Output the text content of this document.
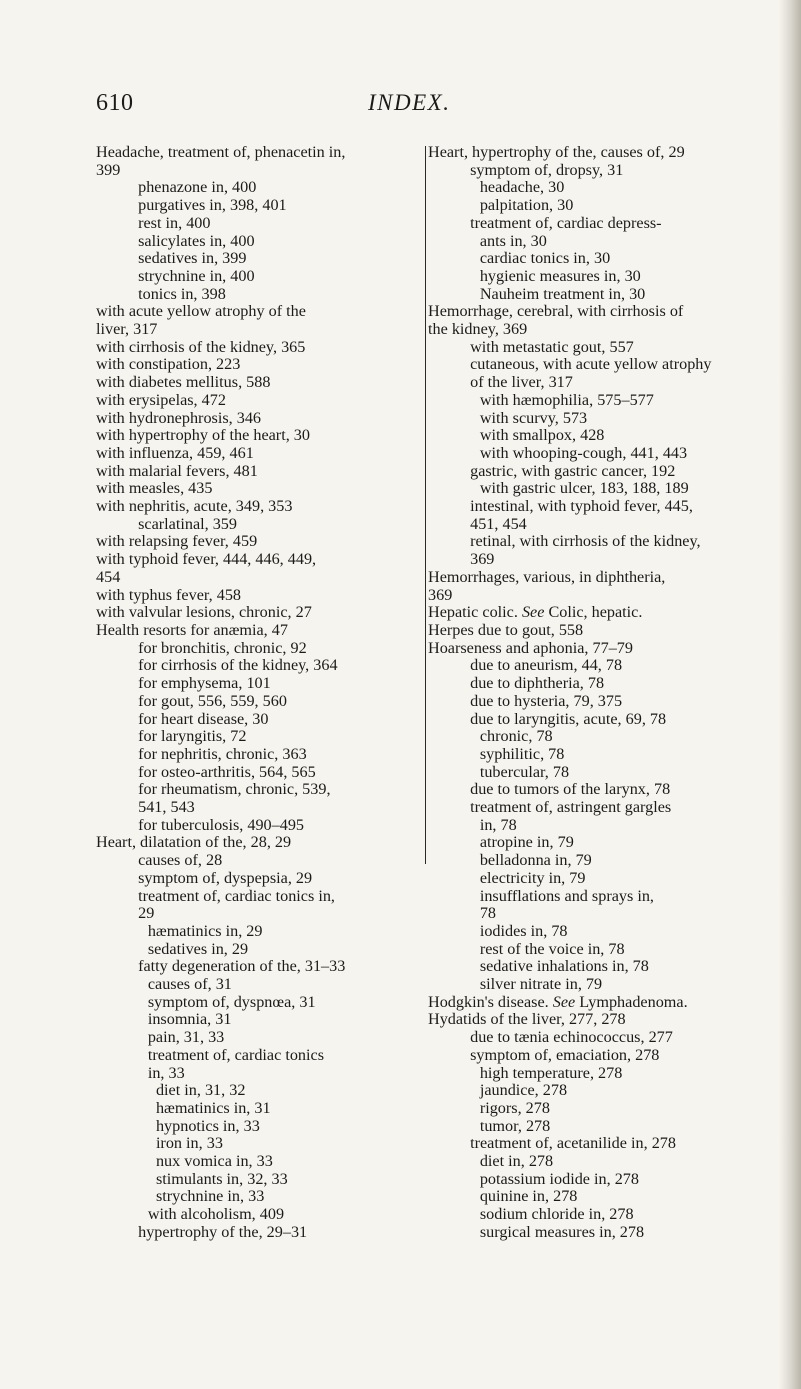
610	INDEX.
Headache, treatment of, phenacetin in,
399
phenazone in, 400
purgatives in, 398, 401
rest in, 400
salicylates in, 400
sedatives in, 399
strychnine in, 400
tonics in, 398
with acute yellow atrophy of the
liver, 317
with cirrhosis of the kidney, 365
with constipation, 223
with diabetes mellitus, 588
with erysipelas, 472
with hydronephrosis, 346
with hypertrophy of the heart, 30
with influenza, 459, 461
with malarial fevers, 481
with measles, 435
with nephritis, acute, 349, 353
scarlatinal, 359
with relapsing fever, 459
with typhoid fever, 444, 446, 449,
454
with typhus fever, 458
with valvular lesions, chronic, 27
Health resorts for anæmia, 47
for bronchitis, chronic, 92
for cirrhosis of the kidney, 364
for emphysema, 101
for gout, 556, 559, 560
for heart disease, 30
for laryngitis, 72
for nephritis, chronic, 363
for osteo-arthritis, 564, 565
for rheumatism, chronic, 539,
541, 543
for tuberculosis, 490–495
Heart, dilatation of the, 28, 29
causes of, 28
symptom of, dyspepsia, 29
treatment of, cardiac tonics in,
29
hæmatinics in, 29
sedatives in, 29
fatty degeneration of the, 31–33
causes of, 31
symptom of, dyspnœa, 31
insomnia, 31
pain, 31, 33
treatment of, cardiac tonics
in, 33
diet in, 31, 32
hæmatinics in, 31
hypnotics in, 33
iron in, 33
nux vomica in, 33
stimulants in, 32, 33
strychnine in, 33
with alcoholism, 409
hypertrophy of the, 29–31
Heart, hypertrophy of the, causes of, 29
symptom of, dropsy, 31
headache, 30
palpitation, 30
treatment of, cardiac depress-
ants in, 30
cardiac tonics in, 30
hygienic measures in, 30
Nauheim treatment in, 30
Hemorrhage, cerebral, with cirrhosis of
the kidney, 369
with metastatic gout, 557
cutaneous, with acute yellow atrophy
of the liver, 317
with hæmophilia, 575–577
with scurvy, 573
with smallpox, 428
with whooping-cough, 441, 443
gastric, with gastric cancer, 192
with gastric ulcer, 183, 188, 189
intestinal, with typhoid fever, 445,
451, 454
retinal, with cirrhosis of the kidney,
369
Hemorrhages, various, in diphtheria,
369
Hepatic colic. See Colic, hepatic.
Herpes due to gout, 558
Hoarseness and aphonia, 77–79
due to aneurism, 44, 78
due to diphtheria, 78
due to hysteria, 79, 375
due to laryngitis, acute, 69, 78
chronic, 78
syphilitic, 78
tubercular, 78
due to tumors of the larynx, 78
treatment of, astringent gargles
in, 78
atropine in, 79
belladonna in, 79
electricity in, 79
insufflations and sprays in,
78
iodides in, 78
rest of the voice in, 78
sedative inhalations in, 78
silver nitrate in, 79
Hodgkin's disease. See Lymphadenoma.
Hydatids of the liver, 277, 278
due to tænia echinococcus, 277
symptom of, emaciation, 278
high temperature, 278
jaundice, 278
rigors, 278
tumor, 278
treatment of, acetanilide in, 278
diet in, 278
potassium iodide in, 278
quinine in, 278
sodium chloride in, 278
surgical measures in, 278
